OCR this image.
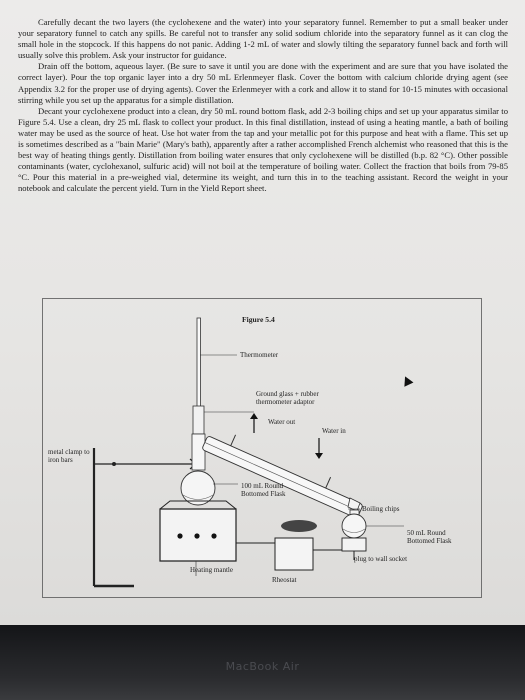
Carefully decant the two layers (the cyclohexene and the water) into your separatory funnel. Remember to put a small beaker under your separatory funnel to catch any spills. Be careful not to transfer any solid sodium chloride into the separatory funnel as it can clog the small hole in the stopcock. If this happens do not panic. Adding 1-2 mL of water and slowly tilting the separatory funnel back and forth will usually solve this problem. Ask your instructor for guidance.

Drain off the bottom, aqueous layer. (Be sure to save it until you are done with the experiment and are sure that you have isolated the correct layer). Pour the top organic layer into a dry 50 mL Erlenmeyer flask. Cover the bottom with calcium chloride drying agent (see Appendix 3.2 for the proper use of drying agents). Cover the Erlenmeyer with a cork and allow it to stand for 10-15 minutes with occasional stirring while you set up the apparatus for a simple distillation.

Decant your cyclohexene product into a clean, dry 50 mL round bottom flask, add 2-3 boiling chips and set up your apparatus similar to Figure 5.4. Use a clean, dry 25 mL flask to collect your product. In this final distillation, instead of using a heating mantle, a bath of boiling water may be used as the source of heat. Use hot water from the tap and your metallic pot for this purpose and heat with a flame. This set up is sometimes described as a "bain Marie" (Mary's bath), apparently after a rather accomplished French alchemist who reasoned that this is the best way of heating things gently. Distillation from boiling water ensures that only cyclohexene will be distilled (b.p. 82 °C). Other possible contaminants (water, cyclohexanol, sulfuric acid) will not boil at the temperature of boiling water. Collect the fraction that boils from 79-85 °C. Pour this material in a pre-weighed vial, determine its weight, and turn this in to the teaching assistant. Record the weight in your notebook and calculate the percent yield. Turn in the Yield Report sheet.

Figure 5.4
Thermometer
Ground glass + rubber
thermometer adaptor
Water out
Water in
metal clamp to
iron bars
100 mL Round
Bottomed Flask
Boiling chips
50 mL Round
Bottomed Flask
plug to wall socket
Heating mantle
Rheostat
MacBook Air
